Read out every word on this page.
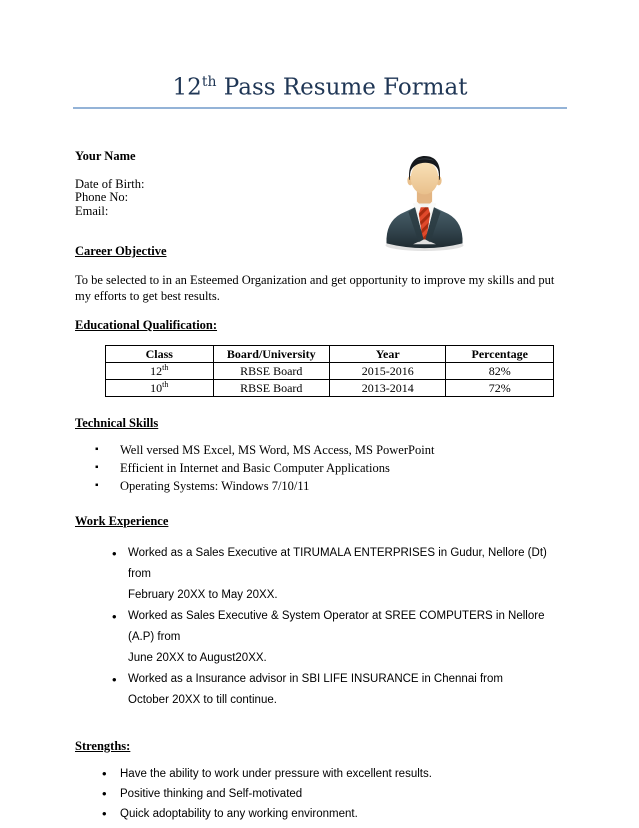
12th Pass Resume Format
Your Name
Date of Birth:
Phone No:
Email:
Career Objective

To be selected to in an Esteemed Organization and get opportunity to improve my skills and put my efforts to get best results.

Educational Qualification:
Class	Board/University	Year	Percentage
12th	RBSE Board	2015-2016	82%
10th	RBSE Board	2013-2014	72%
Technical Skills
▪ Well versed MS Excel, MS Word, MS Access, MS PowerPoint
▪ Efficient in Internet and Basic Computer Applications
▪ Operating Systems: Windows 7/10/11
Work Experience
• Worked as a Sales Executive at TIRUMALA ENTERPRISES in Gudur, Nellore (Dt) from
February 20XX to May 20XX.
• Worked as Sales Executive & System Operator at SREE COMPUTERS in Nellore (A.P) from
June 20XX to August20XX.
• Worked as a Insurance advisor in SBI LIFE INSURANCE in Chennai from
October 20XX to till continue.
Strengths:
• Have the ability to work under pressure with excellent results.
• Positive thinking and Self-motivated
• Quick adoptability to any working environment.
